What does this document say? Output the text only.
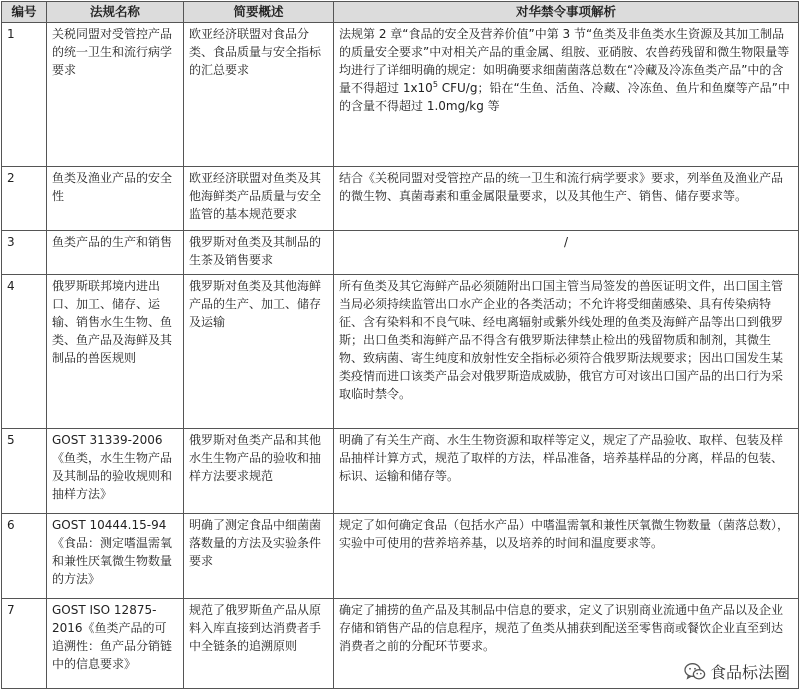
编号	法规名称	简要概述	对华禁令事项解析
1	关税同盟对受管控产品的统一卫生和流行病学要求	欧亚经济联盟对食品分类、食品质量与安全指标的汇总要求	法规第 2 章“食品的安全及营养价值”中第 3 节“鱼类及非鱼类水生资源及其加工制品的质量安全要求”中对相关产品的重金属、组胺、亚硝胺、农兽药残留和微生物限量等均进行了详细明确的规定：如明确要求细菌菌落总数在“冷藏及冷冻鱼类产品”中的含量不得超过 $1x10^5$ CFU/g；铅在“生鱼、活鱼、冷藏、冷冻鱼、鱼片和鱼糜等产品”中的含量不得超过 1.0mg/kg 等
2	鱼类及渔业产品的安全性	欧亚经济联盟对鱼类及其他海鲜类产品质量与安全监管的基本规范要求	结合《关税同盟对受管控产品的统一卫生和流行病学要求》要求，列举鱼及渔业产品的微生物、真菌毒素和重金属限量要求，以及其他生产、销售、储存要求等。
3	鱼类产品的生产和销售	俄罗斯对鱼类及其制品的生茶及销售要求	/
4	俄罗斯联邦境内进出口、加工、储存、运输、销售水生生物、鱼类、鱼产品及海鲜及其制品的兽医规则	俄罗斯对鱼类及其他海鲜产品的生产、加工、储存及运输	所有鱼类及其它海鲜产品必须随附出口国主管当局签发的兽医证明文件，出口国主管当局必须持续监管出口水产企业的各类活动；不允许将受细菌感染、具有传染病特征、含有染料和不良气味、经电离辐射或紫外线处理的鱼类及海鲜产品等出口到俄罗斯；出口鱼类和海鲜产品不得含有俄罗斯法律禁止检出的残留物质和制剂，其微生物、致病菌、寄生纯度和放射性安全指标必须符合俄罗斯法规要求；因出口国发生某类疫情而进口该类产品会对俄罗斯造成威胁，俄官方可对该出口国产品的出口行为采取临时禁令。
5	GOST 31339-2006《鱼类，水生生物产品及其制品的验收规则和抽样方法》	俄罗斯对鱼类产品和其他水生生物产品的验收和抽样方法要求规范	明确了有关生产商、水生生物资源和取样等定义，规定了产品验收、取样、包装及样品抽样计算方式，规范了取样的方法，样品准备，培养基样品的分离，样品的包装、标识、运输和储存等。
6	GOST 10444.15-94《食品：测定嗜温需氧和兼性厌氧微生物数量的方法》	明确了测定食品中细菌菌落数量的方法及实验条件要求	规定了如何确定食品（包括水产品）中嗜温需氧和兼性厌氧微生物数量（菌落总数），实验中可使用的营养培养基，以及培养的时间和温度要求等。
7	GOST ISO 12875-2016《鱼类产品的可追溯性：鱼产品分销链中的信息要求》	规范了俄罗斯鱼产品从原料入库直接到达消费者手中全链条的追溯原则	确定了捕捞的鱼产品及其制品中信息的要求，定义了识别商业流通中鱼产品以及企业存储和销售产品的信息程序，规范了鱼类从捕获到配送至零售商或餐饮企业直至到达消费者之前的分配环节要求。
食品标法圈
